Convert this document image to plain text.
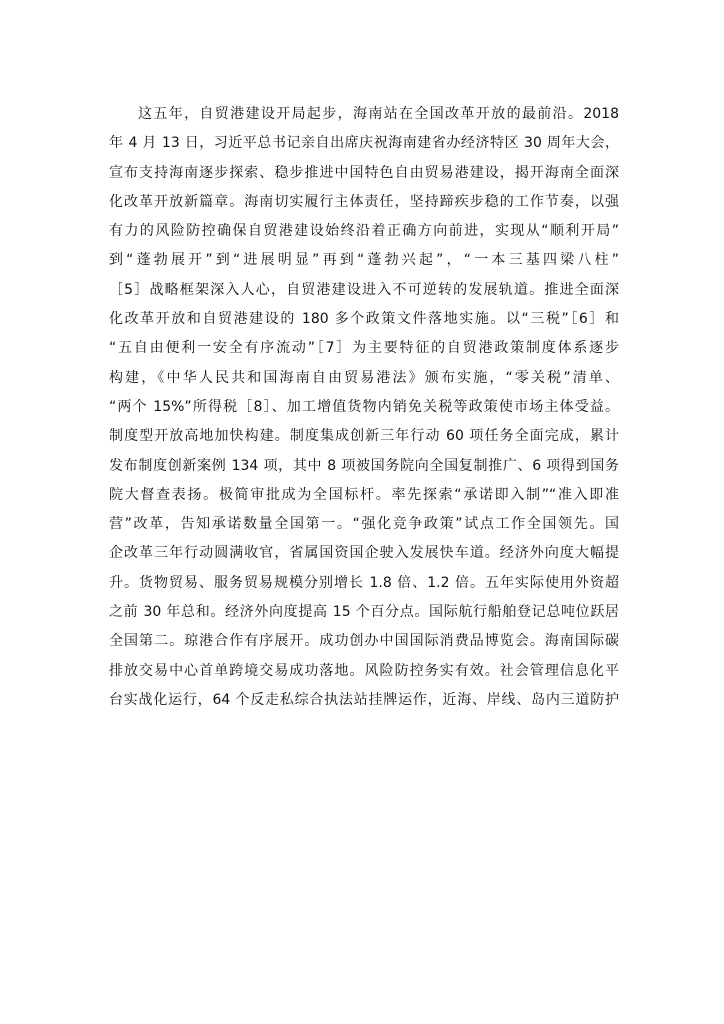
这五年，自贸港建设开局起步，海南站在全国改革开放的最前沿。2018
年 4 月 13 日，习近平总书记亲自出席庆祝海南建省办经济特区 30 周年大会，
宣布支持海南逐步探索、稳步推进中国特色自由贸易港建设，揭开海南全面深
化改革开放新篇章。海南切实履行主体责任，坚持蹄疾步稳的工作节奏，以强
有力的风险防控确保自贸港建设始终沿着正确方向前进，实现从“顺利开局”
到“蓬勃展开”到“进展明显”再到“蓬勃兴起”，“一本三基四梁八柱”
［5］战略框架深入人心，自贸港建设进入不可逆转的发展轨道。推进全面深
化改革开放和自贸港建设的 180 多个政策文件落地实施。以“三税”［6］和
“五自由便利一安全有序流动”［7］为主要特征的自贸港政策制度体系逐步
构建，《中华人民共和国海南自由贸易港法》颁布实施，“零关税”清单、
“两个 15%”所得税［8］、加工增值货物内销免关税等政策使市场主体受益。
制度型开放高地加快构建。制度集成创新三年行动 60 项任务全面完成，累计
发布制度创新案例 134 项，其中 8 项被国务院向全国复制推广、6 项得到国务
院大督查表扬。极简审批成为全国标杆。率先探索“承诺即入制”“准入即准
营”改革，告知承诺数量全国第一。“强化竞争政策”试点工作全国领先。国
企改革三年行动圆满收官，省属国资国企驶入发展快车道。经济外向度大幅提
升。货物贸易、服务贸易规模分别增长 1.8 倍、1.2 倍。五年实际使用外资超
之前 30 年总和。经济外向度提高 15 个百分点。国际航行船舶登记总吨位跃居
全国第二。琼港合作有序展开。成功创办中国国际消费品博览会。海南国际碳
排放交易中心首单跨境交易成功落地。风险防控务实有效。社会管理信息化平
台实战化运行，64 个反走私综合执法站挂牌运作，近海、岸线、岛内三道防护
